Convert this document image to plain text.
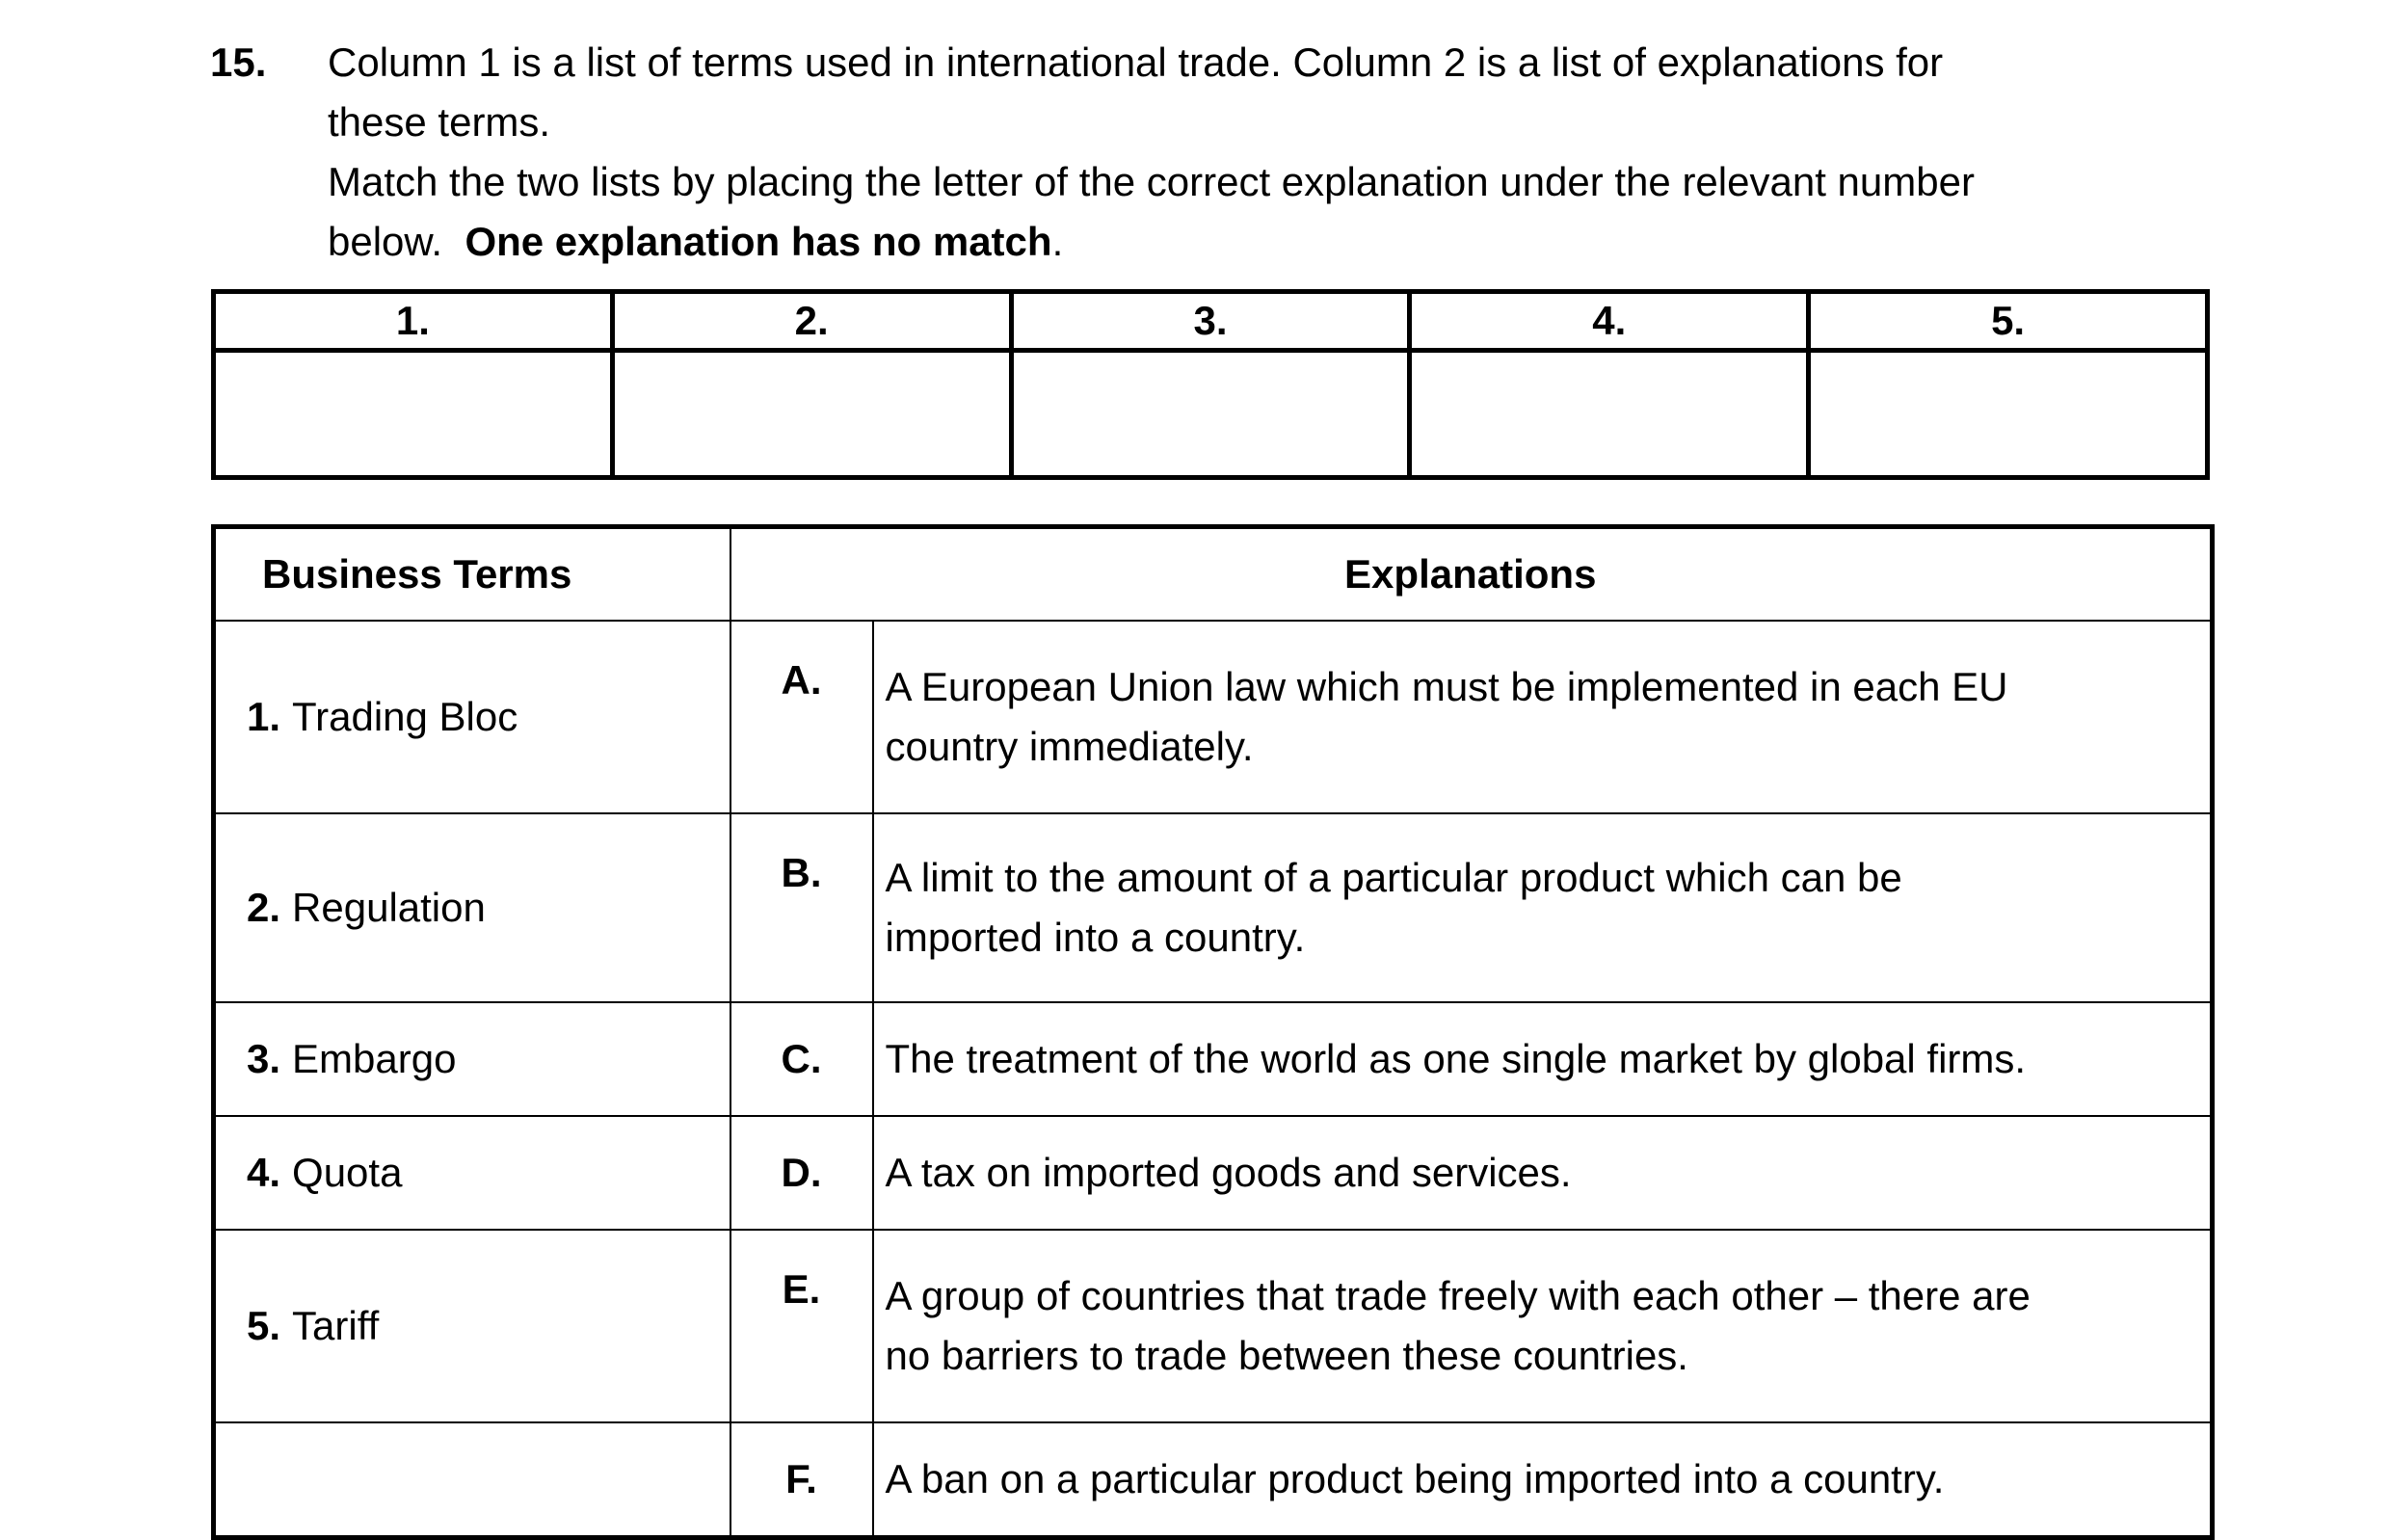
15. Column 1 is a list of terms used in international trade. Column 2 is a list of explanations for

these terms.

Match the two lists by placing the letter of the correct explanation under the relevant number

below. One explanation has no match.

1.	2.	3.	4.	5.

Business Terms	Explanations	
1. Trading Bloc	A.	A European Union law which must be implemented in each EU
country immediately.

2. Regulation	B.	A limit to the amount of a particular product which can be
imported into a country.

3. Embargo	C.	The treatment of the world as one single market by global firms.

4. Quota	D.	A tax on imported goods and services.

5. Tariff	E.	A group of countries that trade freely with each other – there are
no barriers to trade between these countries.

	F.	A ban on a particular product being imported into a country.
